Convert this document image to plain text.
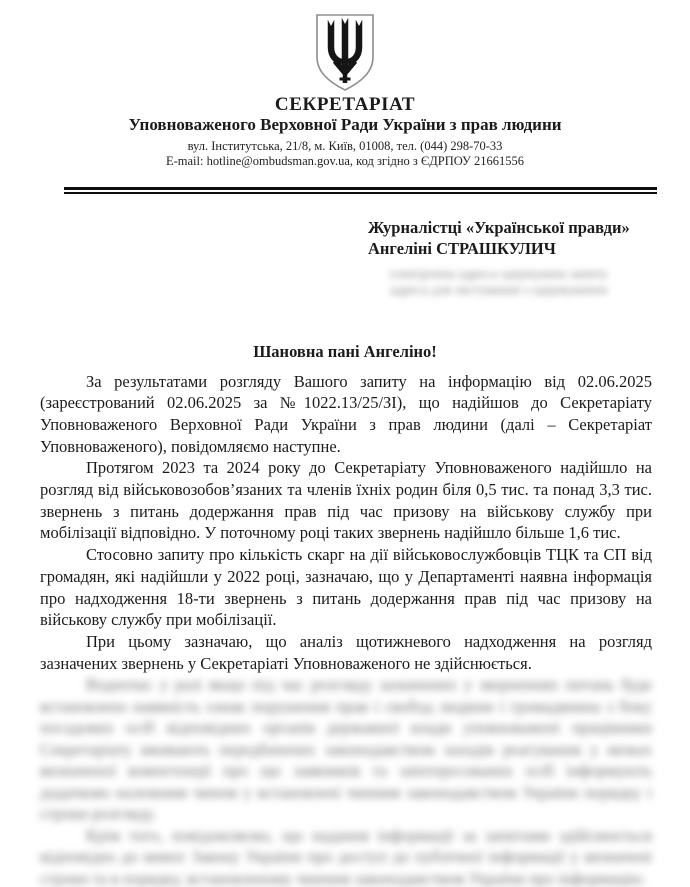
СЕКРЕТАРІАТ
Уповноваженого Верховної Ради України з прав людини
вул. Інститутська, 21/8, м. Київ, 01008, тел. (044) 298-70-33
E-mail: hotline@ombudsman.gov.ua, код згідно з ЄДРПОУ 21661556
Журналістці «Української правди»
Ангеліні СТРАШКУЛИЧ
електронна адреса одержувача запиту
адреса для листування з одержувачем
Шановна пані Ангеліно!

За результатами розгляду Вашого запиту на інформацію від 02.06.2025 (зареєстрований 02.06.2025 за №1022.13/25/ЗІ), що надійшов до Секретаріату Уповноваженого Верховної Ради України з прав людини (далі – Секретаріат Уповноваженого), повідомляємо наступне.

Протягом 2023 та 2024 року до Секретаріату Уповноваженого надійшло на розгляд від військовозобов’язаних та членів їхніх родин біля 0,5 тис. та понад 3,3 тис. звернень з питань додержання прав під час призову на військову службу при мобілізації відповідно. У поточному році таких звернень надійшло більше 1,6 тис.

Стосовно запиту про кількість скарг на дії військовослужбовців ТЦК та СП від громадян, які надійшли у 2022 році, зазначаю, що у Департаменті наявна інформація про надходження 18-ти звернень з питань додержання прав під час призову на військову службу при мобілізації.

При цьому зазначаю, що аналіз щотижневого надходження на розгляд зазначених звернень у Секретаріаті Уповноваженого не здійснюється.

Водночас у разі якщо під час розгляду зазначених у зверненнях питань буде встановлено наявність ознак порушення прав і свобод людини і громадянина з боку посадових осіб відповідних органів державної влади уповноважені працівники Секретаріату вживають передбачених законодавством заходів реагування у межах визначеної компетенції про що заявників та заінтересованих осіб інформують додатково належним чином у встановлені чинним законодавством України порядку і строки розгляду.

Крім того, повідомляємо, що надання інформації за запитами здійснюється відповідно до вимог Закону України про доступ до публічної інформації у визначені строки та в порядку, встановленому чинним законодавством України про інформацію.
